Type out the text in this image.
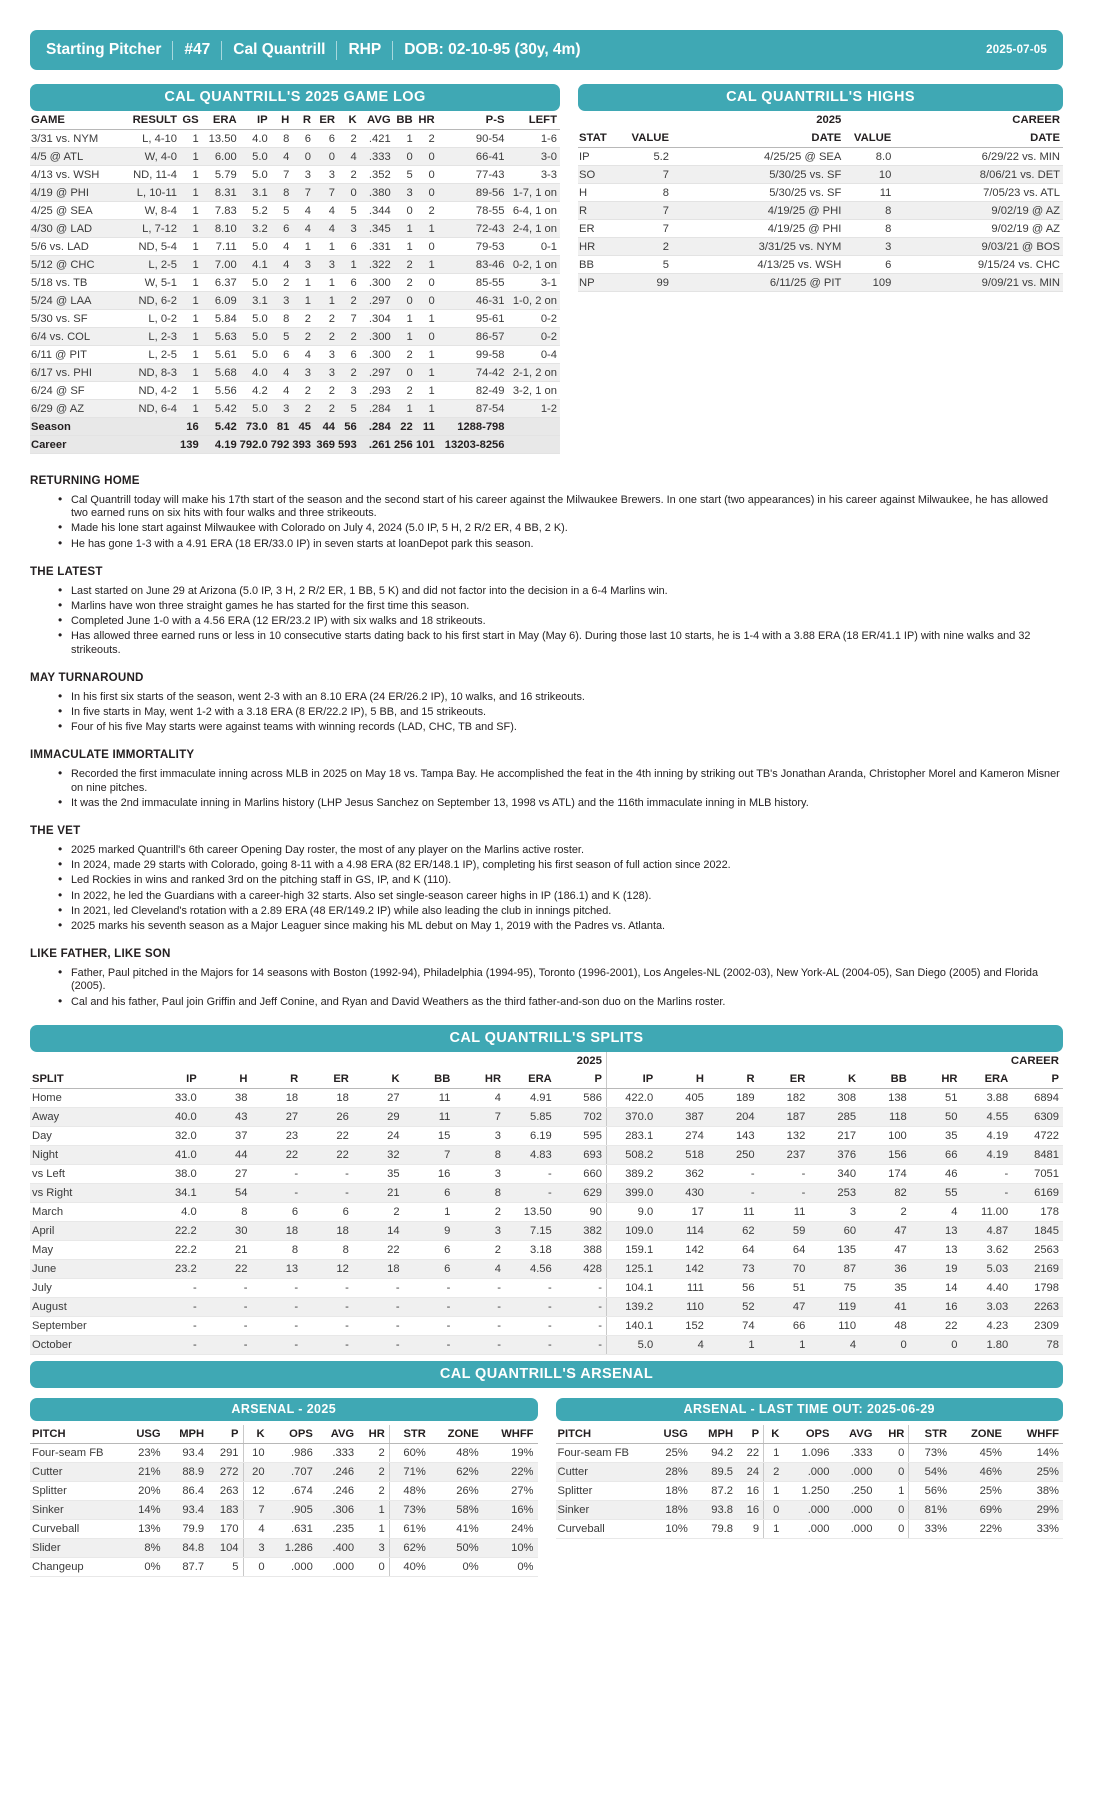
Starting Pitcher	#47	Cal Quantrill	RHP	DOB: 02-10-95 (30y, 4m)	2025-07-05
CAL QUANTRILL'S 2025 GAME LOG
GAME	RESULT	GS	ERA	IP	H	R	ER	K	AVG	BB	HR	P-S	LEFT
3/31 vs. NYM	L, 4-10	1	13.50	4.0	8	6	6	2	.421	1	2	90-54	1-6
4/5 @ ATL	W, 4-0	1	6.00	5.0	4	0	0	4	.333	0	0	66-41	3-0
4/13 vs. WSH	ND, 11-4	1	5.79	5.0	7	3	3	2	.352	5	0	77-43	3-3
4/19 @ PHI	L, 10-11	1	8.31	3.1	8	7	7	0	.380	3	0	89-56	1-7, 1 on
4/25 @ SEA	W, 8-4	1	7.83	5.2	5	4	4	5	.344	0	2	78-55	6-4, 1 on
4/30 @ LAD	L, 7-12	1	8.10	3.2	6	4	4	3	.345	1	1	72-43	2-4, 1 on
5/6 vs. LAD	ND, 5-4	1	7.11	5.0	4	1	1	6	.331	1	0	79-53	0-1
5/12 @ CHC	L, 2-5	1	7.00	4.1	4	3	3	1	.322	2	1	83-46	0-2, 1 on
5/18 vs. TB	W, 5-1	1	6.37	5.0	2	1	1	6	.300	2	0	85-55	3-1
5/24 @ LAA	ND, 6-2	1	6.09	3.1	3	1	1	2	.297	0	0	46-31	1-0, 2 on
5/30 vs. SF	L, 0-2	1	5.84	5.0	8	2	2	7	.304	1	1	95-61	0-2
6/4 vs. COL	L, 2-3	1	5.63	5.0	5	2	2	2	.300	1	0	86-57	0-2
6/11 @ PIT	L, 2-5	1	5.61	5.0	6	4	3	6	.300	2	1	99-58	0-4
6/17 vs. PHI	ND, 8-3	1	5.68	4.0	4	3	3	2	.297	0	1	74-42	2-1, 2 on
6/24 @ SF	ND, 4-2	1	5.56	4.2	4	2	2	3	.293	2	1	82-49	3-2, 1 on
6/29 @ AZ	ND, 6-4	1	5.42	5.0	3	2	2	5	.284	1	1	87-54	1-2
Season		16	5.42	73.0	81	45	44	56	.284	22	11	1288-798	
Career		139	4.19	792.0	792	393	369	593	.261	256	101	13203-8256	
CAL QUANTRILL'S HIGHS
	2025		CAREER	
STAT	VALUE	DATE	VALUE	DATE
IP	5.2	4/25/25 @ SEA	8.0	6/29/22 vs. MIN
SO	7	5/30/25 vs. SF	10	8/06/21 vs. DET
H	8	5/30/25 vs. SF	11	7/05/23 vs. ATL
R	7	4/19/25 @ PHI	8	9/02/19 @ AZ
ER	7	4/19/25 @ PHI	8	9/02/19 @ AZ
HR	2	3/31/25 vs. NYM	3	9/03/21 @ BOS
BB	5	4/13/25 vs. WSH	6	9/15/24 vs. CHC
NP	99	6/11/25 @ PIT	109	9/09/21 vs. MIN
RETURNING HOME
• Cal Quantrill today will make his 17th start of the season and the second start of his career against the Milwaukee Brewers. In one start (two appearances) in his career against Milwaukee, he has allowed two earned runs on six hits with four walks and three strikeouts.
• Made his lone start against Milwaukee with Colorado on July 4, 2024 (5.0 IP, 5 H, 2 R/2 ER, 4 BB, 2 K).
• He has gone 1-3 with a 4.91 ERA (18 ER/33.0 IP) in seven starts at loanDepot park this season.
THE LATEST
• Last started on June 29 at Arizona (5.0 IP, 3 H, 2 R/2 ER, 1 BB, 5 K) and did not factor into the decision in a 6-4 Marlins win.
• Marlins have won three straight games he has started for the first time this season.
• Completed June 1-0 with a 4.56 ERA (12 ER/23.2 IP) with six walks and 18 strikeouts.
• Has allowed three earned runs or less in 10 consecutive starts dating back to his first start in May (May 6). During those last 10 starts, he is 1-4 with a 3.88 ERA (18 ER/41.1 IP) with nine walks and 32 strikeouts.
MAY TURNAROUND
• In his first six starts of the season, went 2-3 with an 8.10 ERA (24 ER/26.2 IP), 10 walks, and 16 strikeouts.
• In five starts in May, went 1-2 with a 3.18 ERA (8 ER/22.2 IP), 5 BB, and 15 strikeouts.
• Four of his five May starts were against teams with winning records (LAD, CHC, TB and SF).
IMMACULATE IMMORTALITY
• Recorded the first immaculate inning across MLB in 2025 on May 18 vs. Tampa Bay. He accomplished the feat in the 4th inning by striking out TB's Jonathan Aranda, Christopher Morel and Kameron Misner on nine pitches.
• It was the 2nd immaculate inning in Marlins history (LHP Jesus Sanchez on September 13, 1998 vs ATL) and the 116th immaculate inning in MLB history.
THE VET
• 2025 marked Quantrill's 6th career Opening Day roster, the most of any player on the Marlins active roster.
• In 2024, made 29 starts with Colorado, going 8-11 with a 4.98 ERA (82 ER/148.1 IP), completing his first season of full action since 2022.
• Led Rockies in wins and ranked 3rd on the pitching staff in GS, IP, and K (110).
• In 2022, he led the Guardians with a career-high 32 starts. Also set single-season career highs in IP (186.1) and K (128).
• In 2021, led Cleveland's rotation with a 2.89 ERA (48 ER/149.2 IP) while also leading the club in innings pitched.
• 2025 marks his seventh season as a Major Leaguer since making his ML debut on May 1, 2019 with the Padres vs. Atlanta.
LIKE FATHER, LIKE SON
• Father, Paul pitched in the Majors for 14 seasons with Boston (1992-94), Philadelphia (1994-95), Toronto (1996-2001), Los Angeles-NL (2002-03), New York-AL (2004-05), San Diego (2005) and Florida (2005).
• Cal and his father, Paul join Griffin and Jeff Conine, and Ryan and David Weathers as the third father-and-son duo on the Marlins roster.
CAL QUANTRILL'S SPLITS
	2025									CAREER								
SPLIT	IP	H	R	ER	K	BB	HR	ERA	P	IP	H	R	ER	K	BB	HR	ERA	P
Home	33.0	38	18	18	27	11	4	4.91	586	422.0	405	189	182	308	138	51	3.88	6894
Away	40.0	43	27	26	29	11	7	5.85	702	370.0	387	204	187	285	118	50	4.55	6309
Day	32.0	37	23	22	24	15	3	6.19	595	283.1	274	143	132	217	100	35	4.19	4722
Night	41.0	44	22	22	32	7	8	4.83	693	508.2	518	250	237	376	156	66	4.19	8481
vs Left	38.0	27	-	-	35	16	3	-	660	389.2	362	-	-	340	174	46	-	7051
vs Right	34.1	54	-	-	21	6	8	-	629	399.0	430	-	-	253	82	55	-	6169
March	4.0	8	6	6	2	1	2	13.50	90	9.0	17	11	11	3	2	4	11.00	178
April	22.2	30	18	18	14	9	3	7.15	382	109.0	114	62	59	60	47	13	4.87	1845
May	22.2	21	8	8	22	6	2	3.18	388	159.1	142	64	64	135	47	13	3.62	2563
June	23.2	22	13	12	18	6	4	4.56	428	125.1	142	73	70	87	36	19	5.03	2169
July	-	-	-	-	-	-	-	-	-	104.1	111	56	51	75	35	14	4.40	1798
August	-	-	-	-	-	-	-	-	-	139.2	110	52	47	119	41	16	3.03	2263
September	-	-	-	-	-	-	-	-	-	140.1	152	74	66	110	48	22	4.23	2309
October	-	-	-	-	-	-	-	-	-	5.0	4	1	1	4	0	0	1.80	78
CAL QUANTRILL'S ARSENAL
ARSENAL - 2025
PITCH	USG	MPH	P	K	OPS	AVG	HR	STR	ZONE	WHFF
Four-seam FB	23%	93.4	291	10	.986	.333	2	60%	48%	19%
Cutter	21%	88.9	272	20	.707	.246	2	71%	62%	22%
Splitter	20%	86.4	263	12	.674	.246	2	48%	26%	27%
Sinker	14%	93.4	183	7	.905	.306	1	73%	58%	16%
Curveball	13%	79.9	170	4	.631	.235	1	61%	41%	24%
Slider	8%	84.8	104	3	1.286	.400	3	62%	50%	10%
Changeup	0%	87.7	5	0	.000	.000	0	40%	0%	0%
ARSENAL - LAST TIME OUT: 2025-06-29
PITCH	USG	MPH	P	K	OPS	AVG	HR	STR	ZONE	WHFF
Four-seam FB	25%	94.2	22	1	1.096	.333	0	73%	45%	14%
Cutter	28%	89.5	24	2	.000	.000	0	54%	46%	25%
Splitter	18%	87.2	16	1	1.250	.250	1	56%	25%	38%
Sinker	18%	93.8	16	0	.000	.000	0	81%	69%	29%
Curveball	10%	79.8	9	1	.000	.000	0	33%	22%	33%
